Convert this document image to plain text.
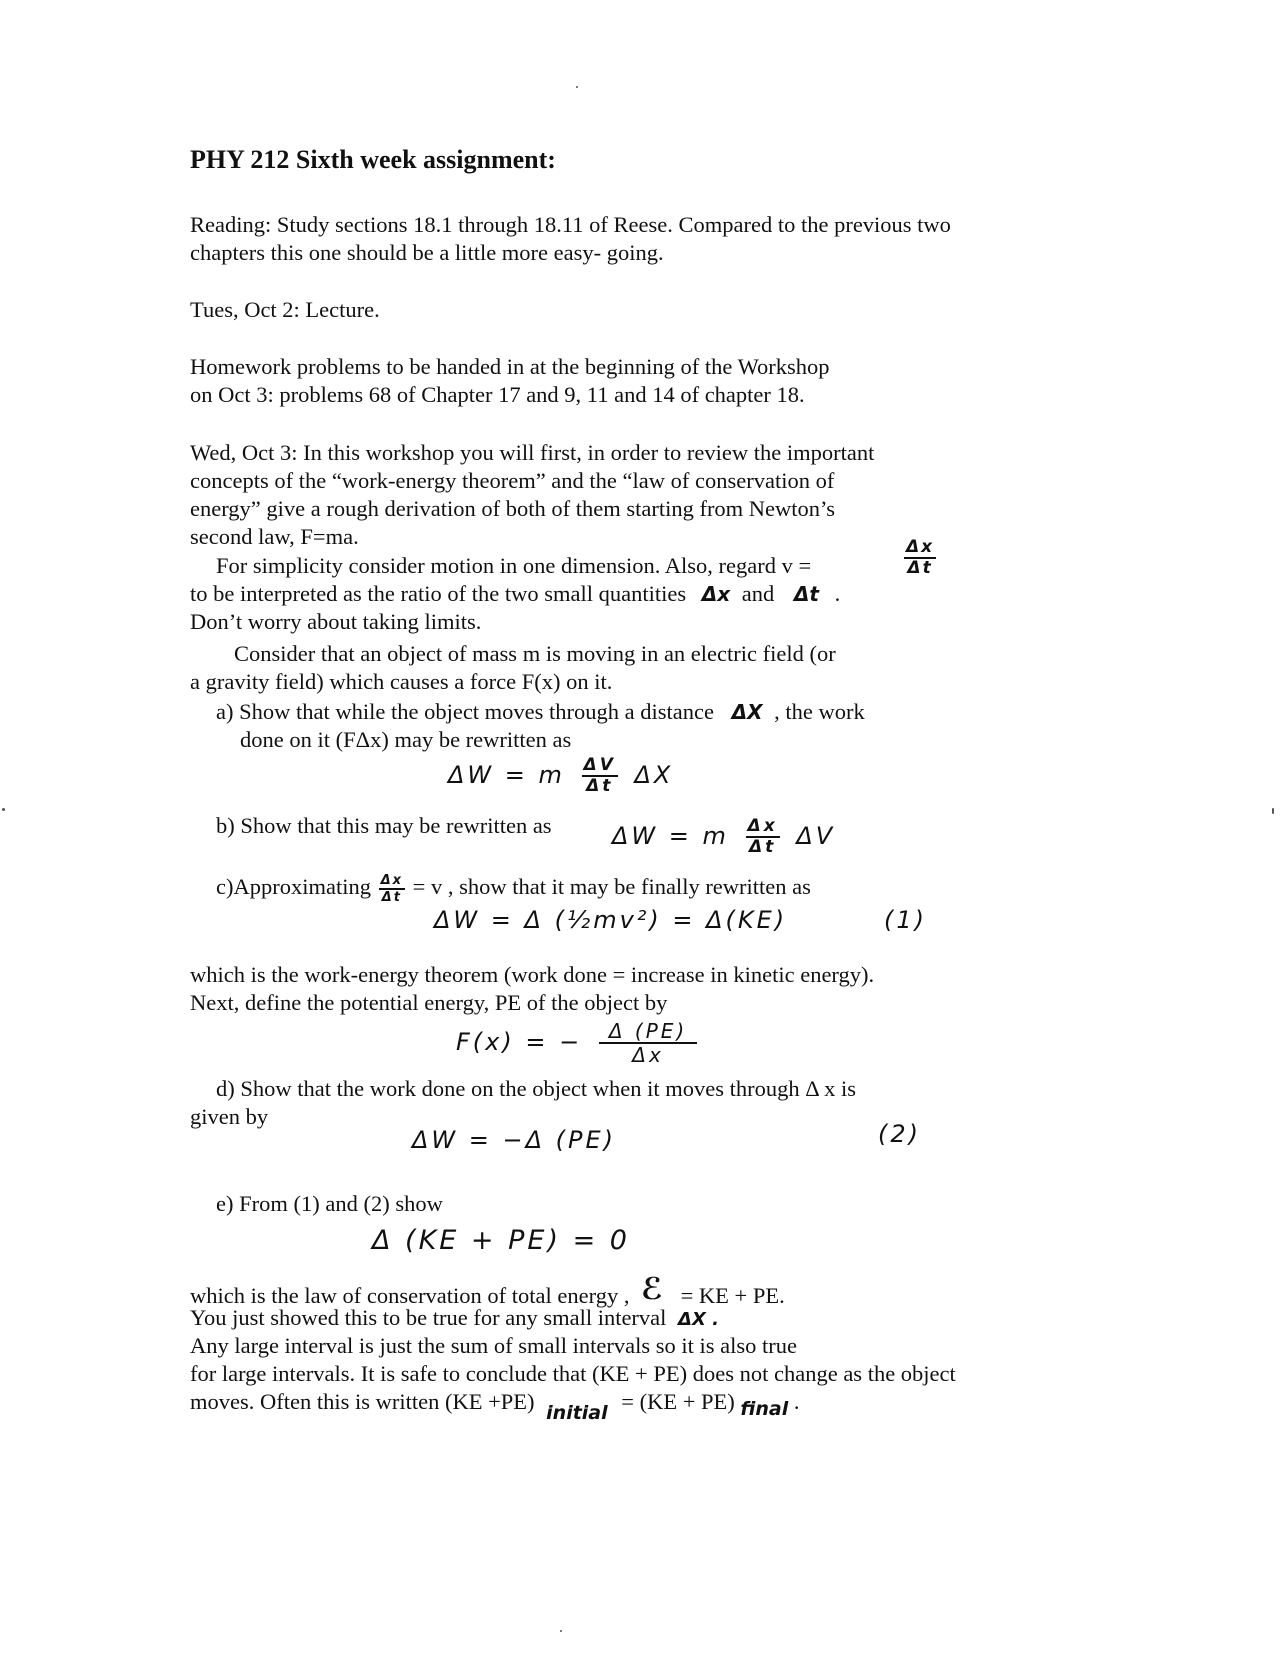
PHY 212 Sixth week assignment:
Reading: Study sections 18.1 through 18.11 of Reese. Compared to the previous two
chapters this one should be a little more easy- going.
Tues, Oct 2: Lecture.
Homework problems to be handed in at the beginning of the Workshop
on Oct 3: problems 68 of Chapter 17 and 9, 11 and 14 of chapter 18.
Wed, Oct 3: In this workshop you will first, in order to review the important
concepts of the “work-energy theorem” and the “law of conservation of
energy” give a rough derivation of both of them starting from Newton’s
second law, F=ma.
For simplicity consider motion in one dimension. Also, regard v =	$\frac{\Delta x}{\Delta t}$
to be interpreted as the ratio of the two small quantities Δx and Δt .
Don’t worry about taking limits.
Consider that an object of mass m is moving in an electric field (or
a gravity field) which causes a force F(x) on it.
a) Show that while the object moves through a distance ΔX , the work
done on it (FΔx) may be rewritten as
ΔW = m $\frac{\Delta V}{\Delta t}$ ΔX
b) Show that this may be rewritten as	ΔW = m $\frac{\Delta x}{\Delta t}$ ΔV
c)Approximating $\frac{\Delta x}{\Delta t} = v$ , show that it may be finally rewritten as
ΔW = Δ (½mv²) = Δ(KE)	(1)
which is the work-energy theorem (work done = increase in kinetic energy).
Next, define the potential energy, PE of the object by
F(x) = − $\frac{\Delta (PE)}{\Delta x}$
d) Show that the work done on the object when it moves through Δ x is
given by
ΔW = −Δ (PE)	(2)
e) From (1) and (2) show
Δ (KE + PE) = 0
which is the law of conservation of total energy , ℰ = KE + PE.
You just showed this to be true for any small interval ΔX .
Any large interval is just the sum of small intervals so it is also true
for large intervals. It is safe to conclude that (KE + PE) does not change as the object
moves. Often this is written (KE +PE) $_{initial}$ = (KE + PE) $_{final}$ .
